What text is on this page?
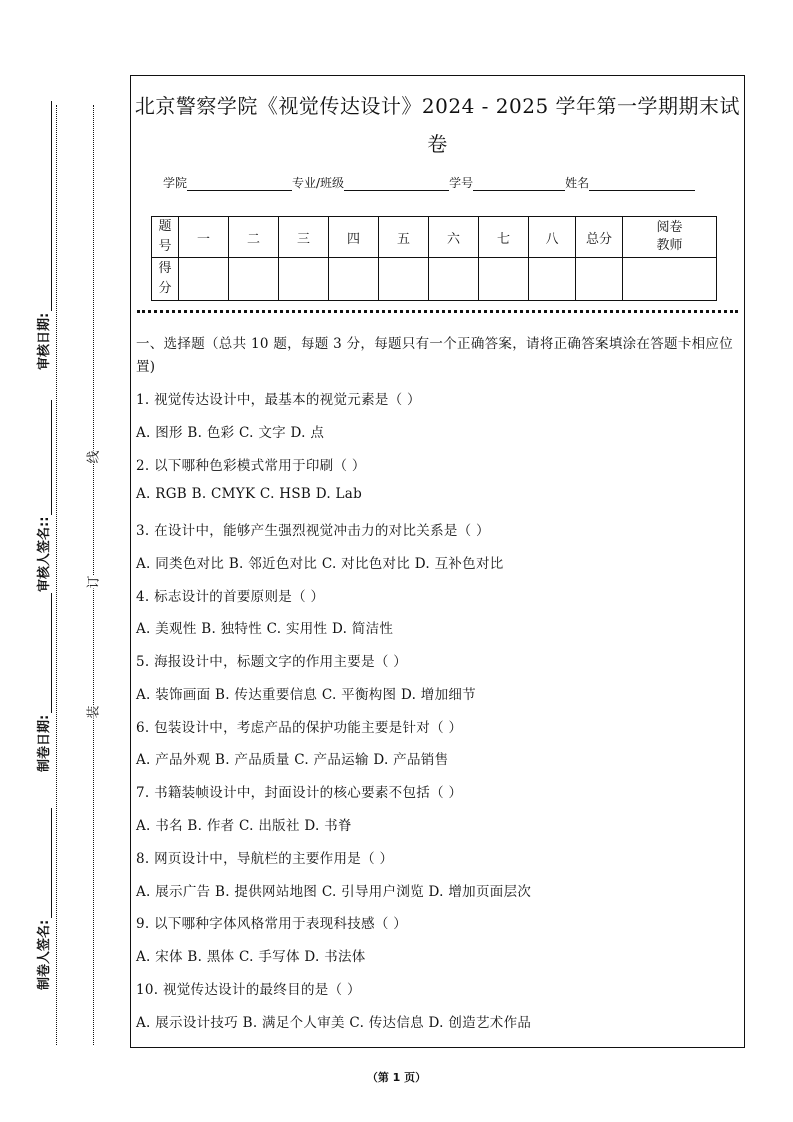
审核日期:
审核人签名::
制卷日期:
制卷人签名:
线
订
装
北京警察学院《视觉传达设计》2024 - 2025 学年第一学期期末试
卷
学院	专业/班级	学号	姓名
题号	一	二	三	四	五	六	七	八	总分	阅卷教师
得分										
一、选择题（总共 10 题，每题 3 分，每题只有一个正确答案，请将正确答案填涂在答题卡相应位置)
1. 视觉传达设计中，最基本的视觉元素是（ ）
A. 图形 B. 色彩 C. 文字 D. 点
2. 以下哪种色彩模式常用于印刷（ ）
A. RGB B. CMYK C. HSB D. Lab
3. 在设计中，能够产生强烈视觉冲击力的对比关系是（ ）
A. 同类色对比 B. 邻近色对比 C. 对比色对比 D. 互补色对比
4. 标志设计的首要原则是（ ）
A. 美观性 B. 独特性 C. 实用性 D. 简洁性
5. 海报设计中，标题文字的作用主要是（ ）
A. 装饰画面 B. 传达重要信息 C. 平衡构图 D. 增加细节
6. 包装设计中，考虑产品的保护功能主要是针对（ ）
A. 产品外观 B. 产品质量 C. 产品运输 D. 产品销售
7. 书籍装帧设计中，封面设计的核心要素不包括（ ）
A. 书名 B. 作者 C. 出版社 D. 书脊
8. 网页设计中，导航栏的主要作用是（ ）
A. 展示广告 B. 提供网站地图 C. 引导用户浏览 D. 增加页面层次
9. 以下哪种字体风格常用于表现科技感（ ）
A. 宋体 B. 黑体 C. 手写体 D. 书法体
10. 视觉传达设计的最终目的是（ ）
A. 展示设计技巧 B. 满足个人审美 C. 传达信息 D. 创造艺术作品
（第 1 页）
